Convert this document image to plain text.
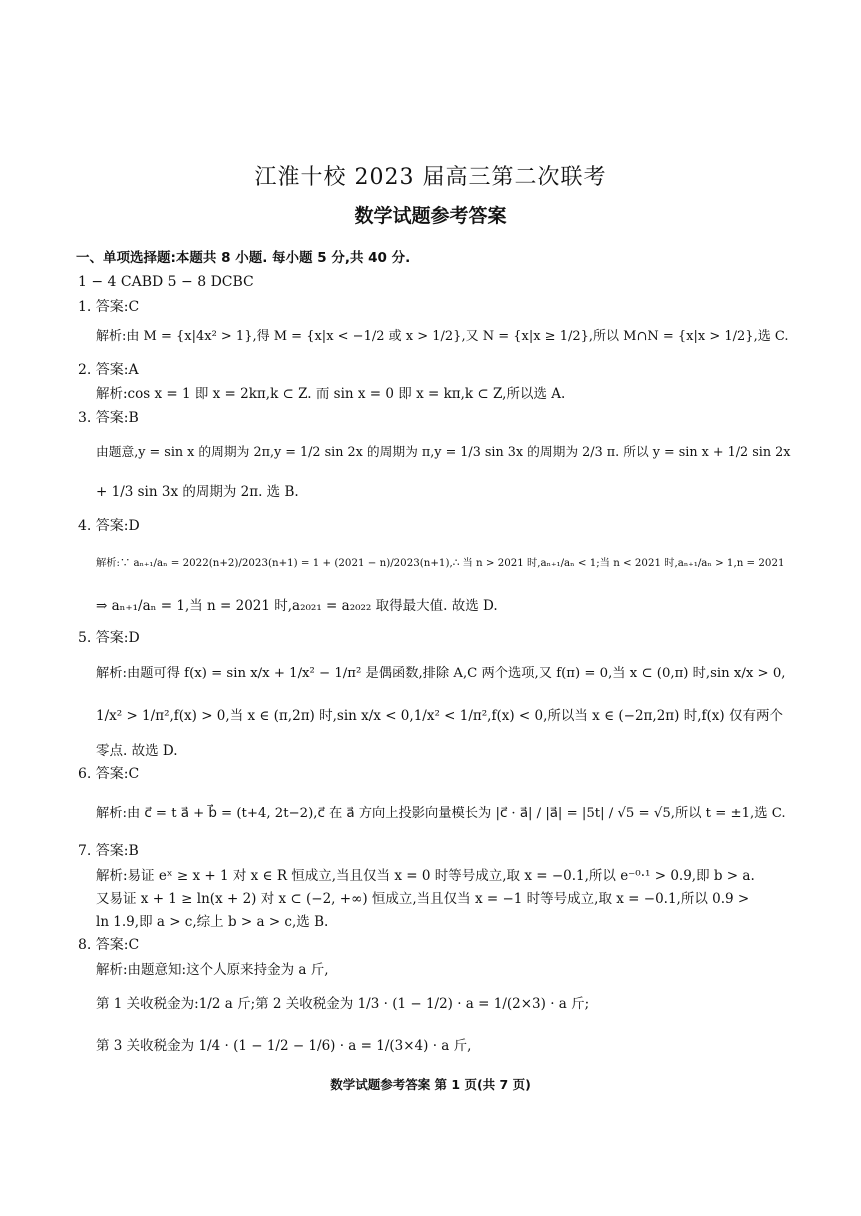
江淮十校 2023 届高三第二次联考
数学试题参考答案
一、单项选择题:本题共 8 小题. 每小题 5 分,共 40 分.
1 − 4 CABD 5 − 8 DCBC
1. 答案:C
解析:由 M = {x|4x² > 1},得 M = {x|x < −1/2 或 x > 1/2},又 N = {x|x ≥ 1/2},所以 M∩N = {x|x > 1/2},选 C.
2. 答案:A
解析:cos x = 1 即 x = 2kπ,k ⊂ Z. 而 sin x = 0 即 x = kπ,k ⊂ Z,所以选 A.
3. 答案:B
由题意,y = sin x 的周期为 2π,y = 1/2 sin 2x 的周期为 π,y = 1/3 sin 3x 的周期为 2/3 π. 所以 y = sin x + 1/2 sin 2x
+ 1/3 sin 3x 的周期为 2π. 选 B.
4. 答案:D
解析:∵ aₙ₊₁/aₙ = 2022(n+2)/2023(n+1) = 1 + (2021 − n)/2023(n+1),∴ 当 n > 2021 时,aₙ₊₁/aₙ < 1;当 n < 2021 时,aₙ₊₁/aₙ > 1,n = 2021
⇒ aₙ₊₁/aₙ = 1,当 n = 2021 时,a₂₀₂₁ = a₂₀₂₂ 取得最大值. 故选 D.
5. 答案:D
解析:由题可得 f(x) = sin x/x + 1/x² − 1/π² 是偶函数,排除 A,C 两个选项,又 f(π) = 0,当 x ⊂ (0,π) 时,sin x/x > 0,
1/x² > 1/π²,f(x) > 0,当 x ∈ (π,2π) 时,sin x/x < 0,1/x² < 1/π²,f(x) < 0,所以当 x ∈ (−2π,2π) 时,f(x) 仅有两个
零点. 故选 D.
6. 答案:C
解析:由 c⃗ = t a⃗ + b⃗ = (t+4, 2t−2),c⃗ 在 a⃗ 方向上投影向量模长为 |c⃗ · a⃗| / |a⃗| = |5t| / √5 = √5,所以 t = ±1,选 C.
7. 答案:B
解析:易证 eˣ ≥ x + 1 对 x ∈ R 恒成立,当且仅当 x = 0 时等号成立,取 x = −0.1,所以 e⁻⁰·¹ > 0.9,即 b > a.
又易证 x + 1 ≥ ln(x + 2) 对 x ⊂ (−2, +∞) 恒成立,当且仅当 x = −1 时等号成立,取 x = −0.1,所以 0.9 >
ln 1.9,即 a > c,综上 b > a > c,选 B.
8. 答案:C
解析:由题意知:这个人原来持金为 a 斤,
第 1 关收税金为:1/2 a 斤;第 2 关收税金为 1/3 · (1 − 1/2) · a = 1/(2×3) · a 斤;
第 3 关收税金为 1/4 · (1 − 1/2 − 1/6) · a = 1/(3×4) · a 斤,
数学试题参考答案 第 1 页(共 7 页)
